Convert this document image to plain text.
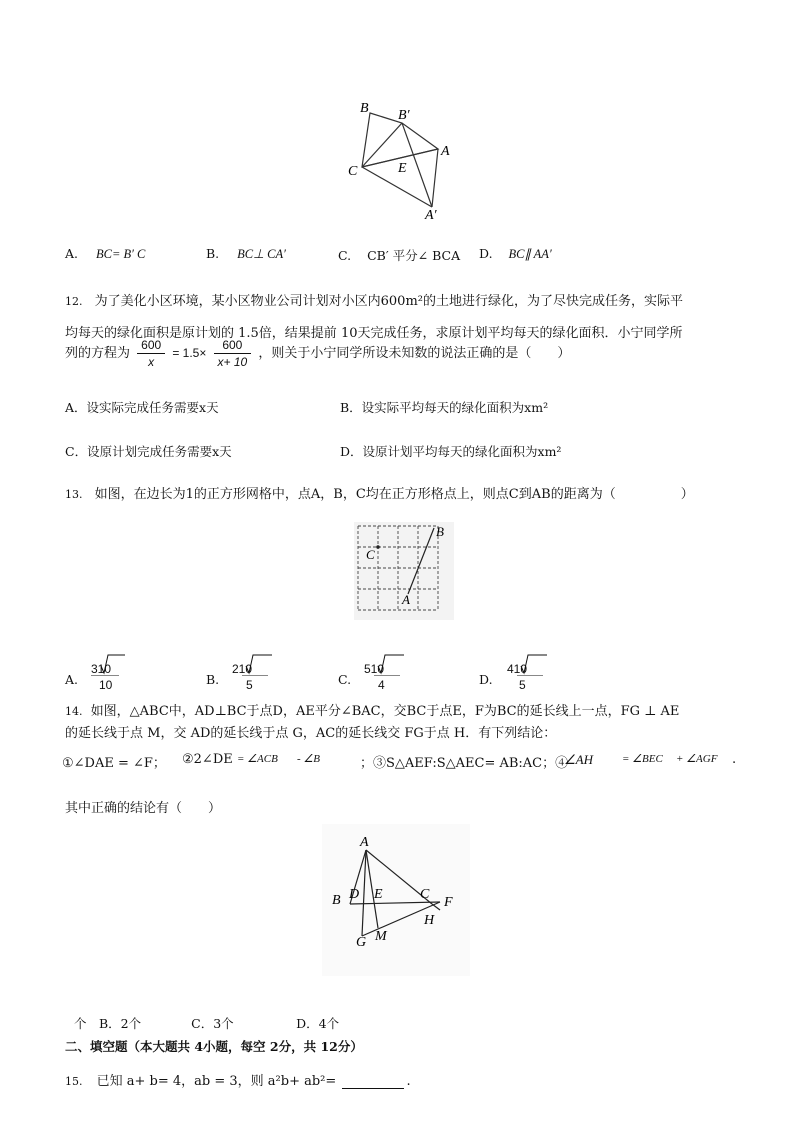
B B′
A
C	E
A′
A. BC= B′ C	B. BC⊥ CA′	C. CB′ 平分∠ BCA D. BC∥ AA′
12. 为了美化小区环境，某小区物业公司计划对小区内600m²的土地进行绿化，为了尽快完成任务，实际平
均每天的绿化面积是原计划的 1.5倍，结果提前 10天完成任务，求原计划平均每天的绿化面积．小宁同学所
列的方程为 $\frac{600}{x} = 1.5\times \frac{600}{x+ 10}$ ，则关于小宁同学所设未知数的说法正确的是（　　）
A．设实际完成任务需要x天	B．设实际平均每天的绿化面积为xm²
C．设原计划完成任务需要x天	D．设原计划平均每天的绿化面积为xm²
13. 如图，在边长为1的正方形网格中，点A，B，C均在正方形格点上，则点C到AB的距离为（　　　　　）
B
C
A
A.
310
10	B.
210
5	C.
510
4	D.
410
5
14. 如图，△ABC中，AD⊥BC于点D，AE平分∠BAC，交BC于点E，F为BC的延长线上一点，FG ⊥ AE
的延长线于点 M，交 AD的延长线于点 G，AC的延长线交 FG于点 H．有下列结论：
①∠DAE = ∠F； ②2∠DE = ∠ACB - ∠B	；③S△AEF:S△AEC= AB:AC；④
∠AH	= ∠BEC + ∠AGF .
其中正确的结论有（　　）
A
D E	C
B	F
H
G M
个　B．2个　　　　C．3个　　　　　D．4个
二、填空题（本大题共 4小题，每空 2分，共 12分）
15. 已知 a+ b= 4，ab = 3，则 a²b+ ab²=	.
